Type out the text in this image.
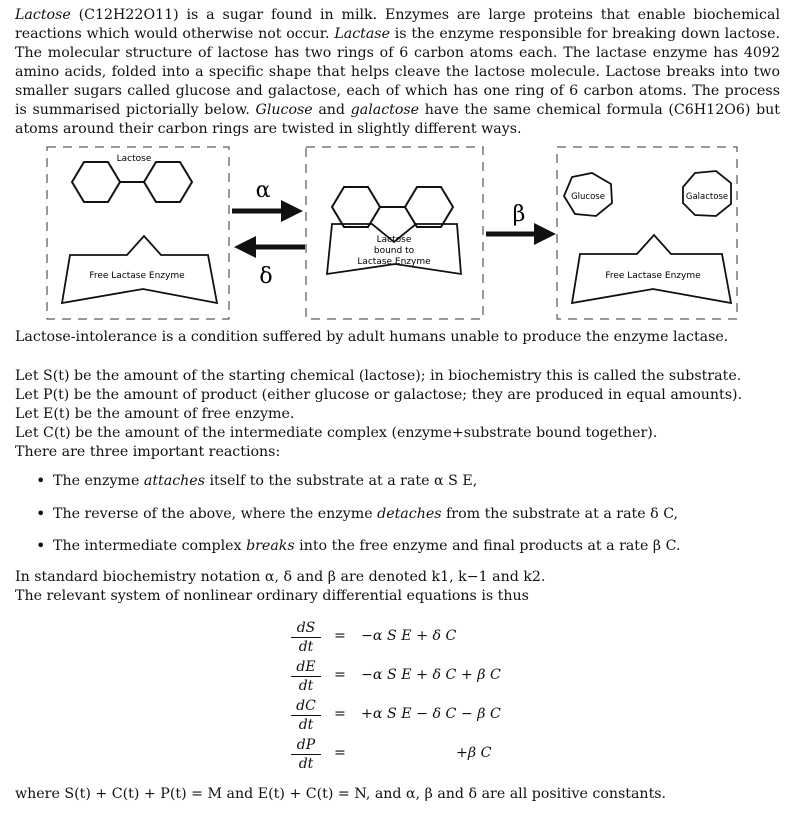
Lactose (C12H22O11) is a sugar found in milk. Enzymes are large proteins that enable biochemical reactions which would otherwise not occur. Lactase is the enzyme responsible for breaking down lactose. The molecular structure of lactose has two rings of 6 carbon atoms each. The lactase enzyme has 4092 amino acids, folded into a specific shape that helps cleave the lactose molecule. Lactose breaks into two smaller sugars called glucose and galactose, each of which has one ring of 6 carbon atoms. The process is summarised pictorially below. Glucose and galactose have the same chemical formula (C6H12O6) but atoms around their carbon rings are twisted in slightly different ways.

Lactose
Free Lactase Enzyme
α
δ
Lactose
bound to
Lactase Enzyme
β
Glucose	Galactose
Free Lactase Enzyme
Lactose-intolerance is a condition suffered by adult humans unable to produce the enzyme lactase.
Let S(t) be the amount of the starting chemical (lactose); in biochemistry this is called the substrate.
Let P(t) be the amount of product (either glucose or galactose; they are produced in equal amounts).
Let E(t) be the amount of free enzyme.
Let C(t) be the amount of the intermediate complex (enzyme+substrate bound together).
There are three important reactions:
• The enzyme attaches itself to the substrate at a rate α S E,
• The reverse of the above, where the enzyme detaches from the substrate at a rate δ C,
• The intermediate complex breaks into the free enzyme and final products at a rate β C.
In standard biochemistry notation α, δ and β are denoted k1, k−1 and k2.
The relevant system of nonlinear ordinary differential equations is thus
dS
dt
= −α S E + δ C
dE
dt
= −α S E + δ C + β C
dC
dt
= +α S E − δ C − β C
dP
dt
=	+β C
where S(t) + C(t) + P(t) = M and E(t) + C(t) = N, and α, β and δ are all positive constants.
